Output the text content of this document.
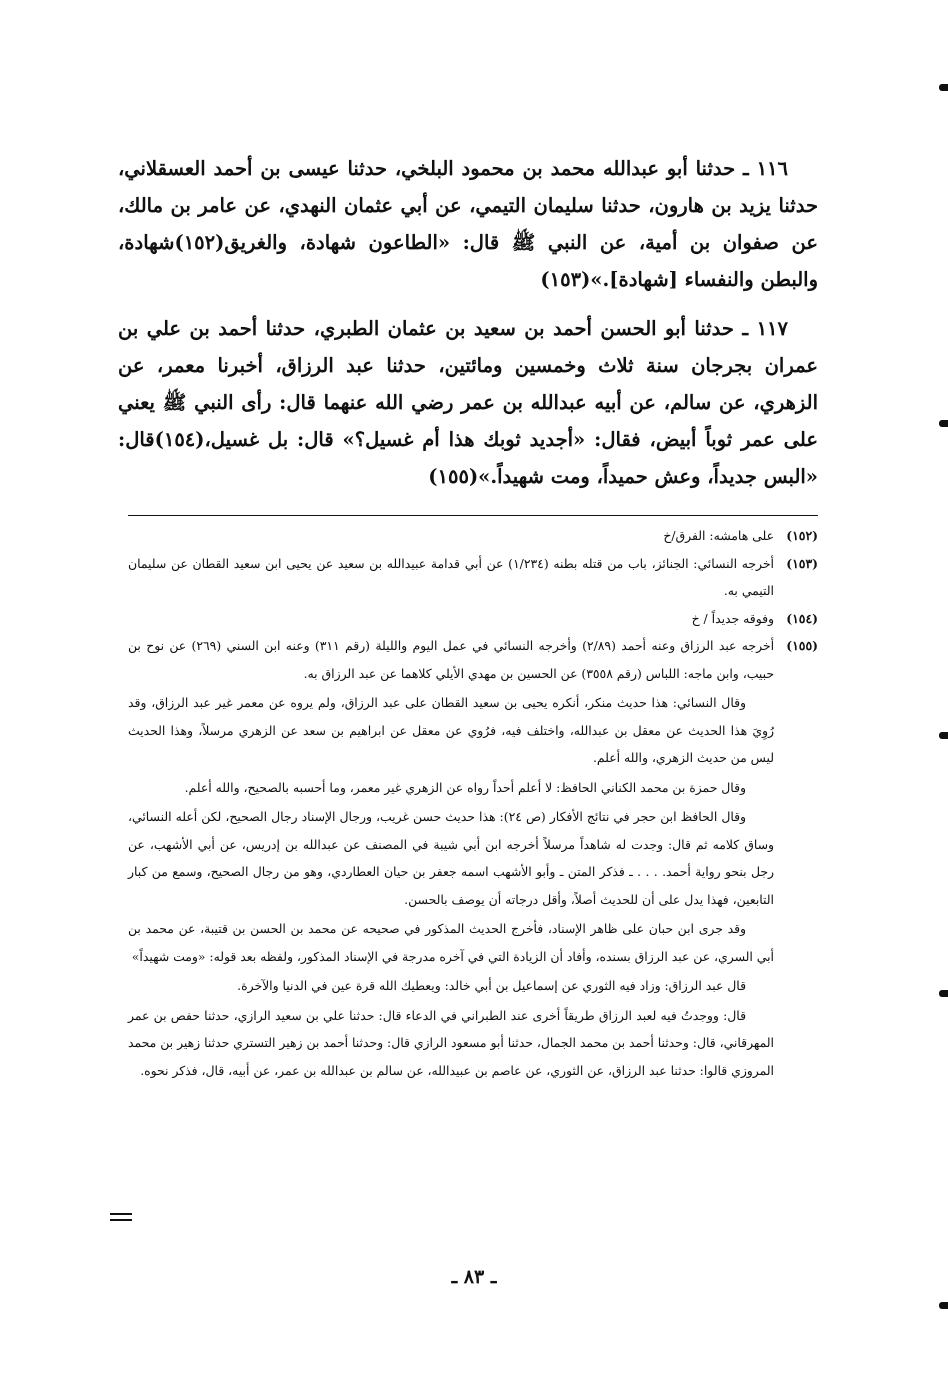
١١٦ ـ حدثنا أبو عبدالله محمد بن محمود البلخي، حدثنا عيسى بن أحمد العسقلاني، حدثنا يزيد بن هارون، حدثنا سليمان التيمي، عن أبي عثمان النهدي، عن عامر بن مالك، عن صفوان بن أمية، عن النبي ﷺ قال: «الطاعون شهادة، والغريق(١٥٢)شهادة، والبطن والنفساء [شهادة].»(١٥٣)

١١٧ ـ حدثنا أبو الحسن أحمد بن سعيد بن عثمان الطبري، حدثنا أحمد بن علي بن عمران بجرجان سنة ثلاث وخمسين ومائتين، حدثنا عبد الرزاق، أخبرنا معمر، عن الزهري، عن سالم، عن أبيه عبدالله بن عمر رضي الله عنهما قال: رأى النبي ﷺ يعني على عمر ثوباً أبيض، فقال: «أجديد ثوبك هذا أم غسيل؟» قال: بل غسيل،(١٥٤)قال: «البس جديداً، وعش حميداً، ومت شهيداً.»(١٥٥)

(١٥٢)
على هامشه: الفرق/خ
(١٥٣)
أخرجه النسائي: الجنائز، باب من قتله بطنه (١/٢٣٤) عن أبي قدامة عبيدالله بن سعيد عن يحيى ابن سعيد القطان عن سليمان التيمي به.
(١٥٤)
وفوقه جديداً / خ
(١٥٥)
أخرجه عبد الرزاق وعنه أحمد (٢/٨٩) وأخرجه النسائي في عمل اليوم والليلة (رقم ٣١١) وعنه ابن السني (٢٦٩) عن نوح بن حبيب، وابن ماجه: اللباس (رقم ٣٥٥٨) عن الحسين بن مهدي الأيلي كلاهما عن عبد الرزاق به.
وقال النسائي: هذا حديث منكر، أنكره يحيى بن سعيد القطان على عبد الرزاق، ولم يروه عن معمر غير عبد الرزاق، وقد رُوِيَ هذا الحديث عن معقل بن عبدالله، واختلف فيه، فرُوي عن معقل عن ابراهيم بن سعد عن الزهري مرسلاً، وهذا الحديث ليس من حديث الزهري، والله أعلم.
وقال حمزة بن محمد الكناني الحافظ: لا أعلم أحداً رواه عن الزهري غير معمر، وما أحسبه بالصحيح، والله أعلم.
وقال الحافظ ابن حجر في نتائج الأفكار (ص ٢٤): هذا حديث حسن غريب، ورجال الإسناد رجال الصحيح، لكن أعله النسائي، وساق كلامه ثم قال: وجدت له شاهداً مرسلاً أخرجه ابن أبي شيبة في المصنف عن عبدالله بن إدريس، عن أبي الأشهب، عن رجل بنحو رواية أحمد. . . . ـ فذكر المتن ـ وأبو الأشهب اسمه جعفر بن حيان العطاردي، وهو من رجال الصحيح، وسمع من كبار التابعين، فهذا يدل على أن للحديث أصلاً، وأقل درجاته أن يوصف بالحسن.
وقد جرى ابن حبان على ظاهر الإسناد، فأخرج الحديث المذكور في صحيحه عن محمد بن الحسن بن قتيبة، عن محمد بن أبي السري، عن عبد الرزاق بسنده، وأفاد أن الزيادة التي في آخره مدرجة في الإسناد المذكور، ولفظه بعد قوله: «ومت شهيداً»
قال عبد الرزاق: وزاد فيه الثوري عن إسماعيل بن أبي خالد: ويعطيك الله قرة عين في الدنيا والآخرة.
قال: ووجدتُ فيه لعبد الرزاق طريقاً أخرى عند الطبراني في الدعاء قال: حدثنا علي بن سعيد الرازي، حدثنا حفص بن عمر المهرقاني، قال: وحدثنا أحمد بن محمد الجمال، حدثنا أبو مسعود الرازي قال: وحدثنا أحمد بن زهير التستري حدثنا زهير بن محمد المروزي قالوا: حدثنا عبد الرزاق، عن الثوري، عن عاصم بن عبيدالله، عن سالم بن عبدالله بن عمر، عن أبيه، قال، فذكر نحوه.
ـ ٨٣ ـ
